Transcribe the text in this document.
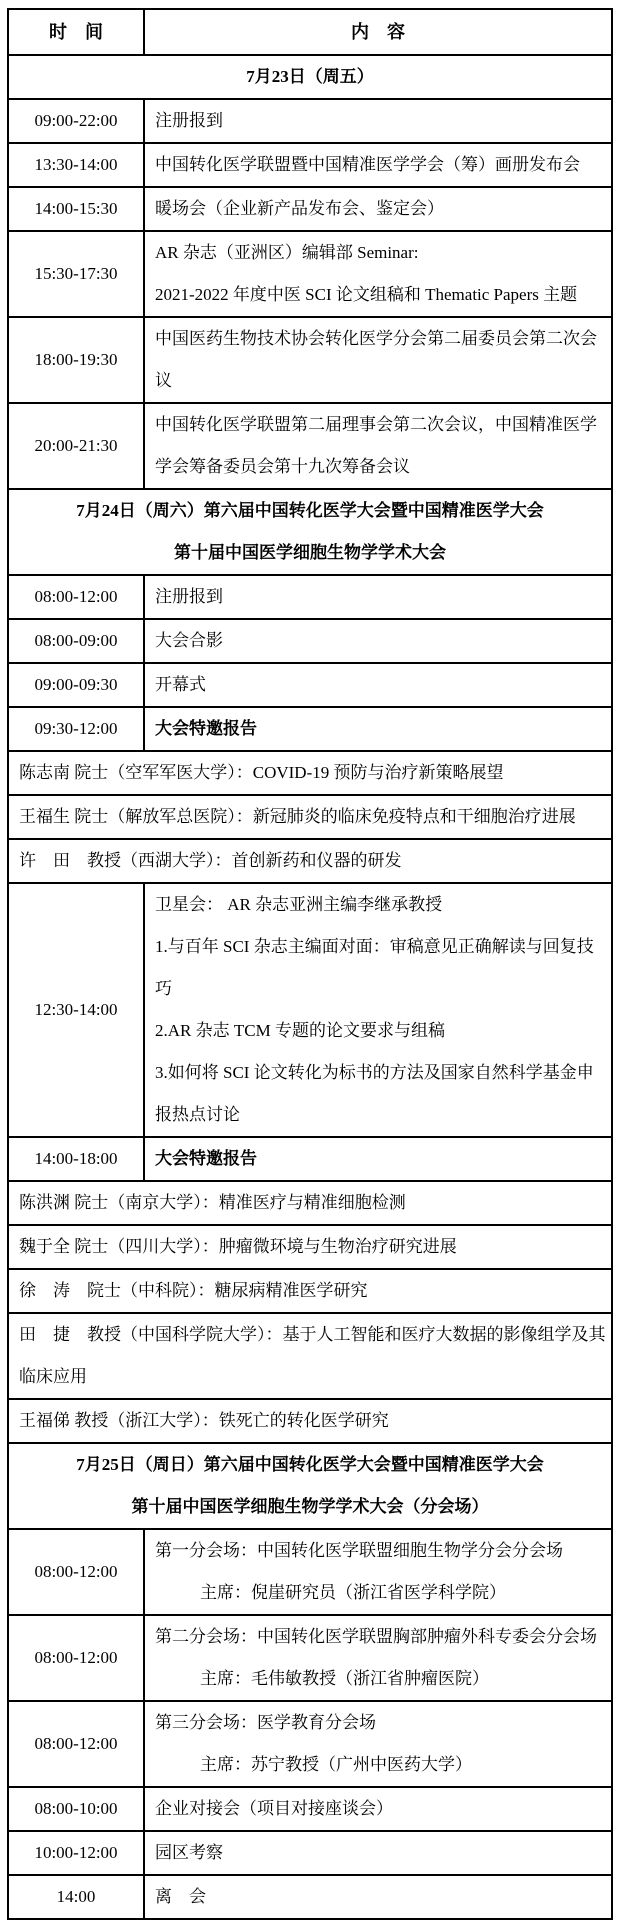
时　间	内　容

7月23日（周五）	

09:00-22:00	注册报到

13:30-14:00	中国转化医学联盟暨中国精准医学学会（筹）画册发布会

14:00-15:30	暖场会（企业新产品发布会、鉴定会）

15:30-17:30	AR 杂志（亚洲区）编辑部 Seminar:
2021-2022 年度中医 SCI 论文组稿和 Thematic Papers 主题

18:00-19:30	中国医药生物技术协会转化医学分会第二届委员会第二次会议

20:00-21:30	中国转化医学联盟第二届理事会第二次会议，中国精准医学学会筹备委员会第十九次筹备会议

7月24日（周六）第六届中国转化医学大会暨中国精准医学大会
第十届中国医学细胞生物学学术大会	

08:00-12:00	注册报到

08:00-09:00	大会合影

09:00-09:30	开幕式

09:30-12:00	大会特邀报告

陈志南 院士（空军军医大学）：COVID-19 预防与治疗新策略展望	

王福生 院士（解放军总医院）：新冠肺炎的临床免疫特点和干细胞治疗进展	

许　田　教授（西湖大学）：首创新药和仪器的研发	

12:30-14:00	卫星会： AR 杂志亚洲主编李继承教授
1.与百年 SCI 杂志主编面对面：审稿意见正确解读与回复技巧
2.AR 杂志 TCM 专题的论文要求与组稿
3.如何将 SCI 论文转化为标书的方法及国家自然科学基金申报热点讨论

14:00-18:00	大会特邀报告

陈洪渊 院士（南京大学）：精准医疗与精准细胞检测	

魏于全 院士（四川大学）：肿瘤微环境与生物治疗研究进展	

徐　涛　院士（中科院）：糖尿病精准医学研究	

田　捷　教授（中国科学院大学）：基于人工智能和医疗大数据的影像组学及其临床应用	

王福俤 教授（浙江大学）：铁死亡的转化医学研究	

7月25日（周日）第六届中国转化医学大会暨中国精准医学大会
第十届中国医学细胞生物学学术大会（分会场）	

08:00-12:00	第一分会场：中国转化医学联盟细胞生物学分会分会场
主席：倪崖研究员（浙江省医学科学院）

08:00-12:00	第二分会场：中国转化医学联盟胸部肿瘤外科专委会分会场
主席：毛伟敏教授（浙江省肿瘤医院）

08:00-12:00	第三分会场：医学教育分会场
主席：苏宁教授（广州中医药大学）

08:00-10:00	企业对接会（项目对接座谈会）

10:00-12:00	园区考察

14:00	离　会
